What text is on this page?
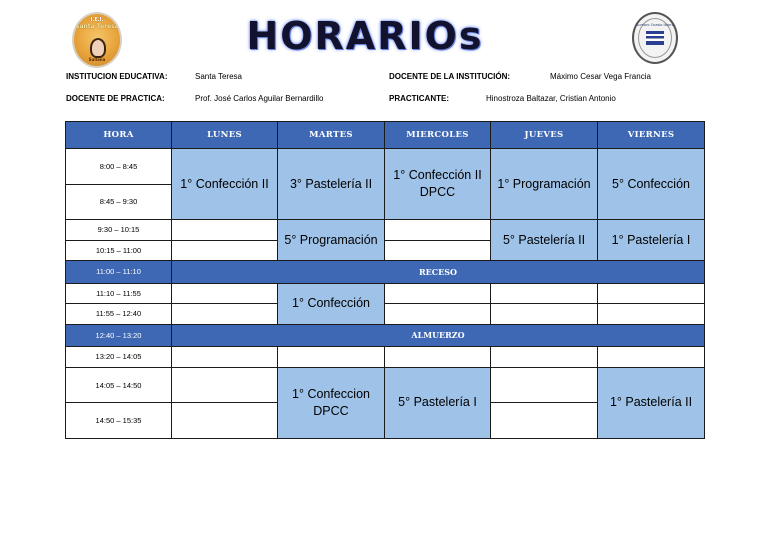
I.E.I.
Santa Teresa
Sullana
HORARIOs	Sumaro Ocasio Ibarra
INSTITUCION EDUCATIVA:	Santa Teresa	DOCENTE DE LA INSTITUCIÓN:	Máximo Cesar Vega Francia
DOCENTE DE PRACTICA:	Prof. José Carlos Aguilar Bernardillo	PRACTICANTE:	Hinostroza Baltazar, Cristian Antonio
HORA	LUNES	MARTES	MIERCOLES	JUEVES	VIERNES
8:00 – 8:45	1° Confección II	3° Pastelería II	1° Confección II DPCC	1° Programación	5° Confección
8:45 – 9:30					
9:30 – 10:15		5° Programación		5° Pastelería II	1° Pastelería I
10:15 – 11:00					
11:00 – 11:10	RECESO				
11:10 – 11:55		1° Confección			
11:55 – 12:40					
12:40 – 13:20	ALMUERZO				
13:20 – 14:05					
14:05 – 14:50		1° Confeccion DPCC	5° Pastelería I		1° Pastelería II
14:50 – 15:35					
